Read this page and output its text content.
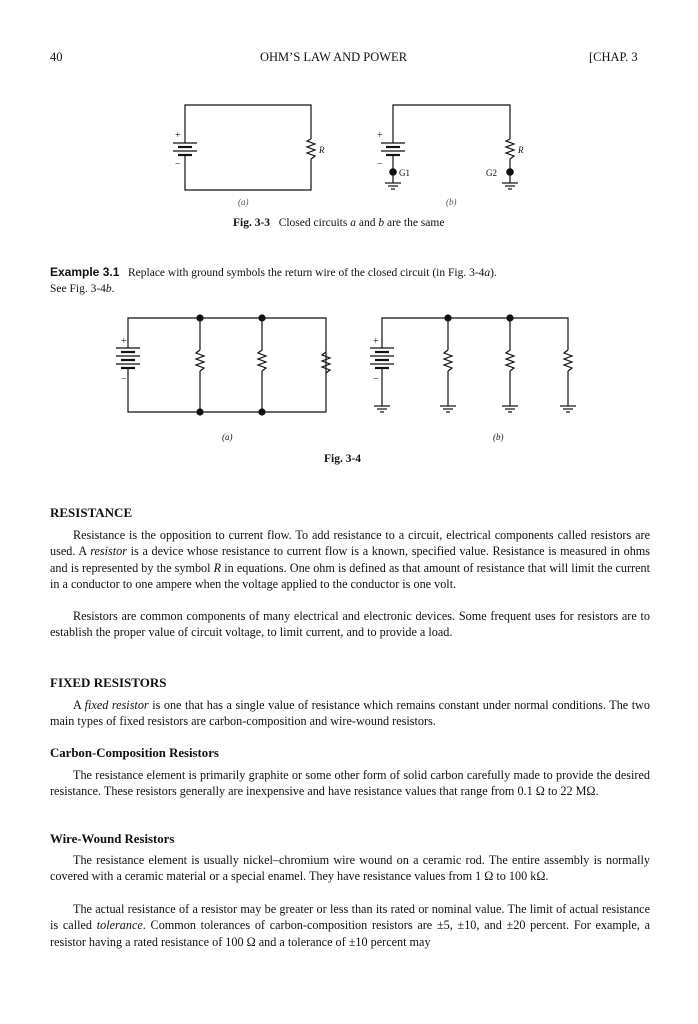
40	OHM’S LAW AND POWER	[CHAP. 3
+
−
R
(a)
+
−
R
G1	G2
(b)
Fig. 3-3 Closed circuits a and b are the same
Example 3.1 Replace with ground symbols the return wire of the closed circuit (in Fig. 3-4a).
See Fig. 3-4b.
+
−
(a)
+
−
(b)
Fig. 3-4
RESISTANCE

Resistance is the opposition to current flow. To add resistance to a circuit, electrical components called resistors are used. A resistor is a device whose resistance to current flow is a known, specified value. Resistance is measured in ohms and is represented by the symbol R in equations. One ohm is defined as that amount of resistance that will limit the current in a conductor to one ampere when the voltage applied to the conductor is one volt.

Resistors are common components of many electrical and electronic devices. Some frequent uses for resistors are to establish the proper value of circuit voltage, to limit current, and to provide a load.

FIXED RESISTORS

A fixed resistor is one that has a single value of resistance which remains constant under normal conditions. The two main types of fixed resistors are carbon-composition and wire-wound resistors.

Carbon-Composition Resistors

The resistance element is primarily graphite or some other form of solid carbon carefully made to provide the desired resistance. These resistors generally are inexpensive and have resistance values that range from 0.1 Ω to 22 MΩ.

Wire-Wound Resistors

The resistance element is usually nickel–chromium wire wound on a ceramic rod. The entire assembly is normally covered with a ceramic material or a special enamel. They have resistance values from 1 Ω to 100 kΩ.

The actual resistance of a resistor may be greater or less than its rated or nominal value. The limit of actual resistance is called tolerance. Common tolerances of carbon-composition resistors are ±5, ±10, and ±20 percent. For example, a resistor having a rated resistance of 100 Ω and a tolerance of ±10 percent may
